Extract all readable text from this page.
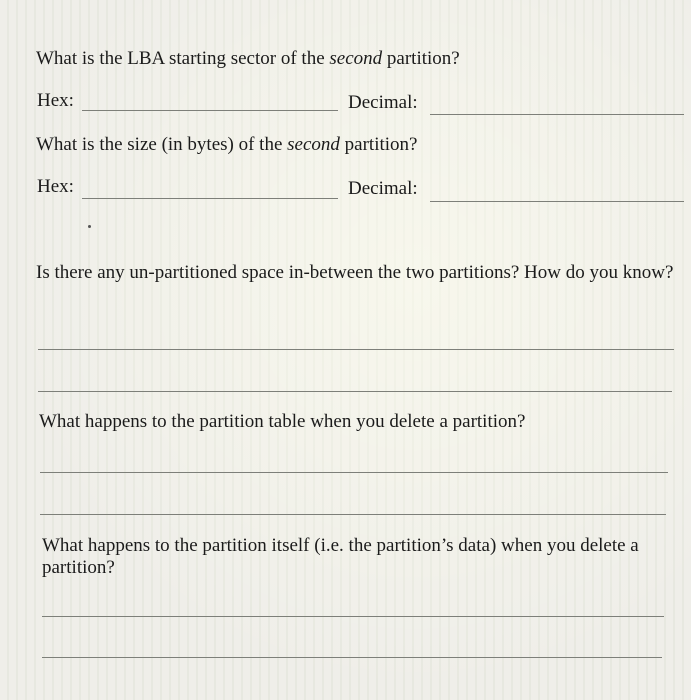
What is the LBA starting sector of the second partition?

Hex:	Decimal:

What is the size (in bytes) of the second partition?

Hex:	Decimal:

Is there any un-partitioned space in-between the two partitions? How do you know?

What happens to the partition table when you delete a partition?

What happens to the partition itself (i.e. the partition’s data) when you delete a partition?
